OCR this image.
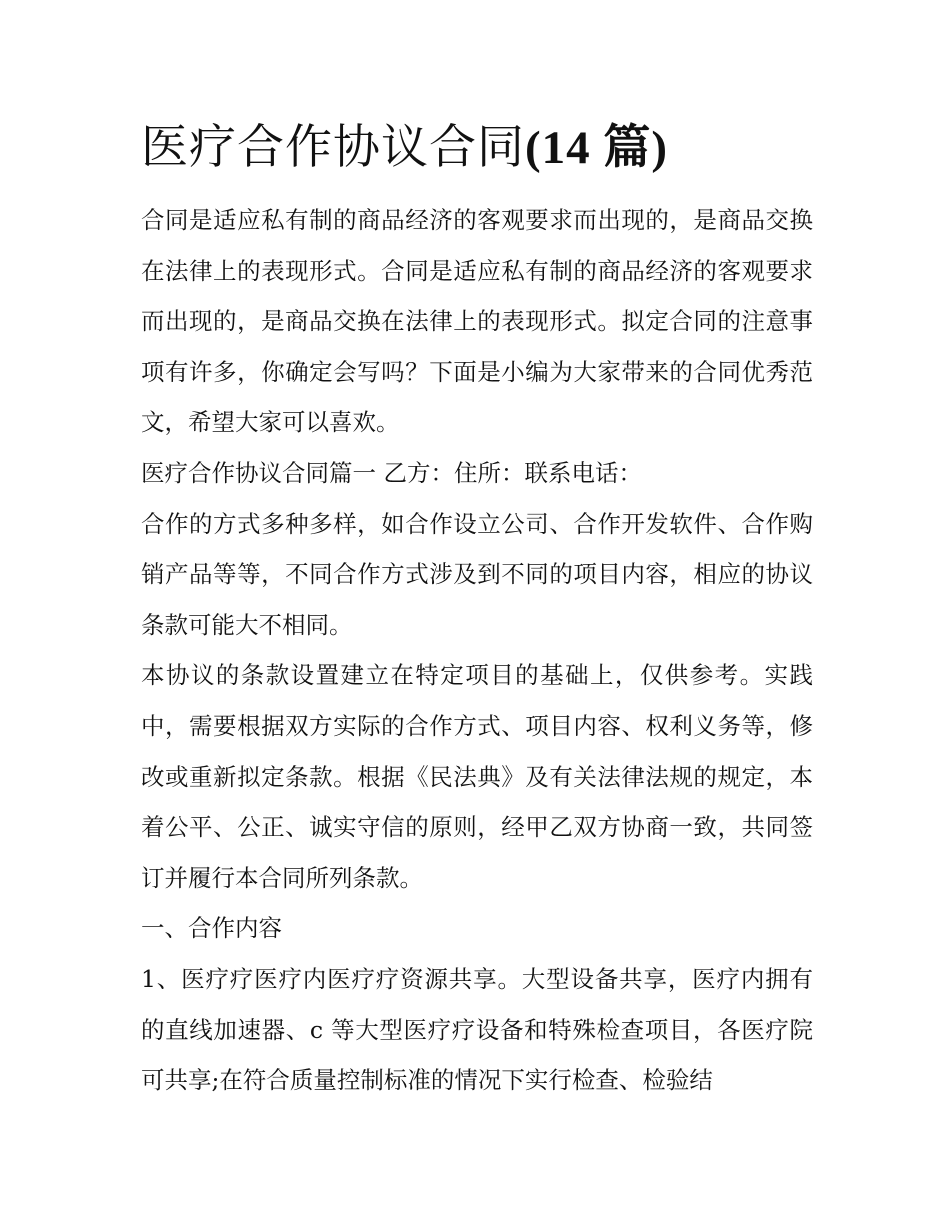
医疗合作协议合同(14 篇)

合同是适应私有制的商品经济的客观要求而出现的，是商品交换在法律上的表现形式。合同是适应私有制的商品经济的客观要求而出现的，是商品交换在法律上的表现形式。拟定合同的注意事项有许多，你确定会写吗？下面是小编为大家带来的合同优秀范文，希望大家可以喜欢。

医疗合作协议合同篇一 乙方：住所：联系电话：

合作的方式多种多样，如合作设立公司、合作开发软件、合作购销产品等等，不同合作方式涉及到不同的项目内容，相应的协议条款可能大不相同。

本协议的条款设置建立在特定项目的基础上，仅供参考。实践中，需要根据双方实际的合作方式、项目内容、权利义务等，修改或重新拟定条款。根据《民法典》及有关法律法规的规定，本着公平、公正、诚实守信的原则，经甲乙双方协商一致，共同签订并履行本合同所列条款。

一、合作内容

1、医疗疗医疗内医疗疗资源共享。大型设备共享，医疗内拥有的直线加速器、c 等大型医疗疗设备和特殊检查项目，各医疗院可共享;在符合质量控制标准的情况下实行检查、检验结
